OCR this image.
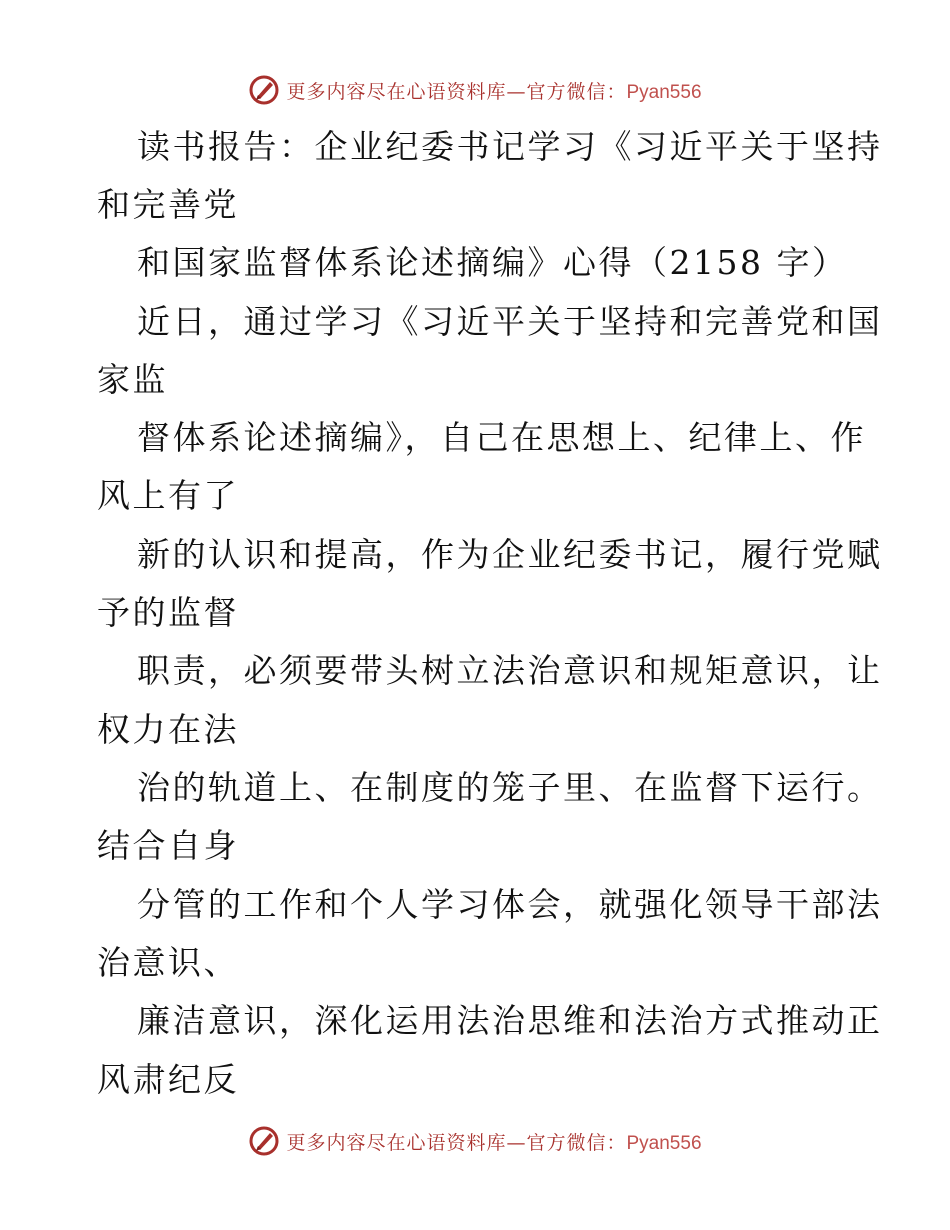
更多内容尽在心语资料库—官方微信：Pyan556
读书报告：企业纪委书记学习《习近平关于坚持
和完善党
和国家监督体系论述摘编》心得（2158 字）
近日，通过学习《习近平关于坚持和完善党和国
家监
督体系论述摘编》，自己在思想上、纪律上、作
风上有了
新的认识和提高，作为企业纪委书记，履行党赋
予的监督
职责，必须要带头树立法治意识和规矩意识，让
权力在法
治的轨道上、在制度的笼子里、在监督下运行。
结合自身
分管的工作和个人学习体会，就强化领导干部法
治意识、
廉洁意识，深化运用法治思维和法治方式推动正
风肃纪反
更多内容尽在心语资料库—官方微信：Pyan556
